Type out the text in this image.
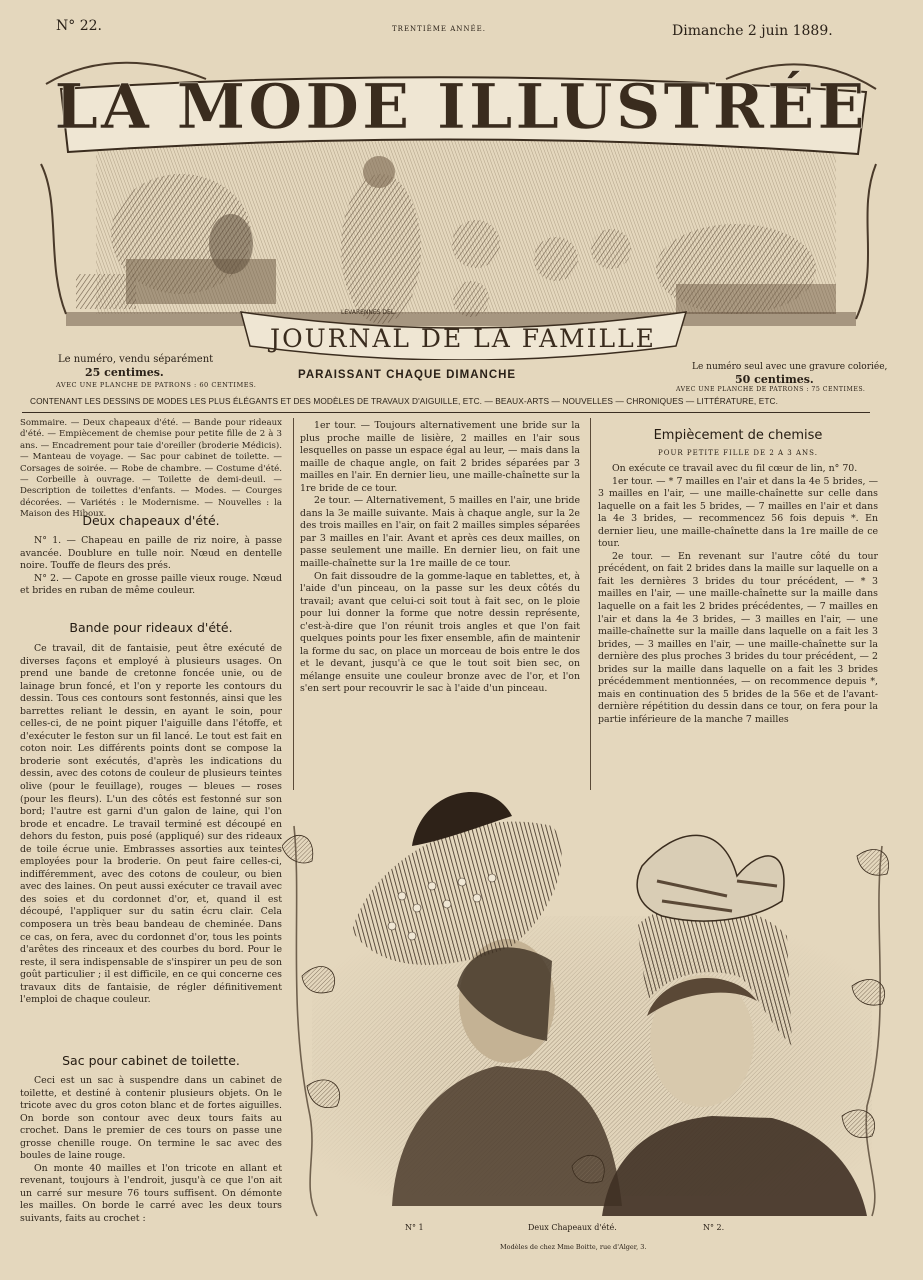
N° 22.	TRENTIÈME ANNÉE.	Dimanche 2 juin 1889.
LA MODE ILLUSTRÉE
JOURNAL DE LA FAMILLE
LEVARENNES DEL.
Le numéro, vendu séparément
25 centimes.
AVEC UNE PLANCHE DE PATRONS : 60 CENTIMES.
PARAISSANT CHAQUE DIMANCHE
Le numéro seul avec une gravure coloriée,
50 centimes.
AVEC UNE PLANCHE DE PATRONS : 75 CENTIMES.
CONTENANT LES DESSINS DE MODES LES PLUS ÉLÉGANTS ET DES MODÈLES DE TRAVAUX D'AIGUILLE, ETC. — BEAUX-ARTS — NOUVELLES — CHRONIQUES — LITTÉRATURE, ETC.
Sommaire. — Deux chapeaux d'été. — Bande pour rideaux d'été. — Empiècement de chemise pour petite fille de 2 à 3 ans. — Encadrement pour taie d'oreiller (broderie Médicis). — Manteau de voyage. — Sac pour cabinet de toilette. — Corsages de soirée. — Robe de chambre. — Costume d'été. — Corbeille à ouvrage. — Toilette de demi-deuil. — Description de toilettes d'enfants. — Modes. — Courges décorées. — Variétés : le Modernisme. — Nouvelles : la Maison des Hiboux.
Deux chapeaux d'été.

N° 1. — Chapeau en paille de riz noire, à passe avancée. Doublure en tulle noir. Nœud en dentelle noire. Touffe de fleurs des prés.

N° 2. — Capote en grosse paille vieux rouge. Nœud et brides en ruban de même couleur.

Bande pour rideaux d'été.

Ce travail, dit de fantaisie, peut être exécuté de diverses façons et employé à plusieurs usages. On prend une bande de cretonne foncée unie, ou de lainage brun foncé, et l'on y reporte les contours du dessin. Tous ces contours sont festonnés, ainsi que les barrettes reliant le dessin, en ayant le soin, pour celles-ci, de ne point piquer l'aiguille dans l'étoffe, et d'exécuter le feston sur un fil lancé. Le tout est fait en coton noir. Les différents points dont se compose la broderie sont exécutés, d'après les indications du dessin, avec des cotons de couleur de plusieurs teintes olive (pour le feuillage), rouges — bleues — roses (pour les fleurs). L'un des côtés est festonné sur son bord; l'autre est garni d'un galon de laine, qui l'on brode et encadre. Le travail terminé est découpé en dehors du feston, puis posé (appliqué) sur des rideaux de toile écrue unie. Embrasses assorties aux teintes employées pour la broderie. On peut faire celles-ci, indifféremment, avec des cotons de couleur, ou bien avec des laines. On peut aussi exécuter ce travail avec des soies et du cordonnet d'or, et, quand il est découpé, l'appliquer sur du satin écru clair. Cela composera un très beau bandeau de cheminée. Dans ce cas, on fera, avec du cordonnet d'or, tous les points d'arêtes des rinceaux et des courbes du bord. Pour le reste, il sera indispensable de s'inspirer un peu de son goût particulier ; il est difficile, en ce qui concerne ces travaux dits de fantaisie, de régler définitivement l'emploi de chaque couleur.

Sac pour cabinet de toilette.

Ceci est un sac à suspendre dans un cabinet de toilette, et destiné à contenir plusieurs objets. On le tricote avec du gros coton blanc et de fortes aiguilles. On borde son contour avec deux tours faits au crochet. Dans le premier de ces tours on passe une grosse chenille rouge. On termine le sac avec des boules de laine rouge.

On monte 40 mailles et l'on tricote en allant et revenant, toujours à l'endroit, jusqu'à ce que l'on ait un carré sur mesure 76 tours suffisent. On démonte les mailles. On borde le carré avec les deux tours suivants, faits au crochet :

1er tour. — Toujours alternativement une bride sur la plus proche maille de lisière, 2 mailles en l'air sous lesquelles on passe un espace égal au leur, — mais dans la maille de chaque angle, on fait 2 brides séparées par 3 mailles en l'air. En dernier lieu, une maille-chaînette sur la 1re bride de ce tour.

2e tour. — Alternativement, 5 mailles en l'air, une bride dans la 3e maille suivante. Mais à chaque angle, sur la 2e des trois mailles en l'air, on fait 2 mailles simples séparées par 3 mailles en l'air. Avant et après ces deux mailles, on passe seulement une maille. En dernier lieu, on fait une maille-chaînette sur la 1re maille de ce tour.

On fait dissoudre de la gomme-laque en tablettes, et, à l'aide d'un pinceau, on la passe sur les deux côtés du travail; avant que celui-ci soit tout à fait sec, on le ploie pour lui donner la forme que notre dessin représente, c'est-à-dire que l'on réunit trois angles et que l'on fait quelques points pour les fixer ensemble, afin de maintenir la forme du sac, on place un morceau de bois entre le dos et le devant, jusqu'à ce que le tout soit bien sec, on mélange ensuite une couleur bronze avec de l'or, et l'on s'en sert pour recouvrir le sac à l'aide d'un pinceau.

Empiècement de chemise
POUR PETITE FILLE DE 2 A 3 ANS.

On exécute ce travail avec du fil cœur de lin, n° 70.

1er tour. — * 7 mailles en l'air et dans la 4e 5 brides, — 3 mailles en l'air, — une maille-chaînette sur celle dans laquelle on a fait les 5 brides, — 7 mailles en l'air et dans la 4e 3 brides, — recommencez 56 fois depuis *. En dernier lieu, une maille-chaînette dans la 1re maille de ce tour.

2e tour. — En revenant sur l'autre côté du tour précédent, on fait 2 brides dans la maille sur laquelle on a fait les dernières 3 brides du tour précédent, — * 3 mailles en l'air, — une maille-chaînette sur la maille dans laquelle on a fait les 2 brides précédentes, — 7 mailles en l'air et dans la 4e 3 brides, — 3 mailles en l'air, — une maille-chaînette sur la maille dans laquelle on a fait les 3 brides, — 3 mailles en l'air, — une maille-chaînette sur la dernière des plus proches 3 brides du tour précédent, — 2 brides sur la maille dans laquelle on a fait les 3 brides précédemment mentionnées, — on recommence depuis *, mais en continuation des 5 brides de la 56e et de l'avant-dernière répétition du dessin dans ce tour, on fera pour la partie inférieure de la manche 7 mailles

N° 1	Deux Chapeaux d'été.	N° 2.
Modèles de chez Mme Boitte, rue d'Alger, 3.
